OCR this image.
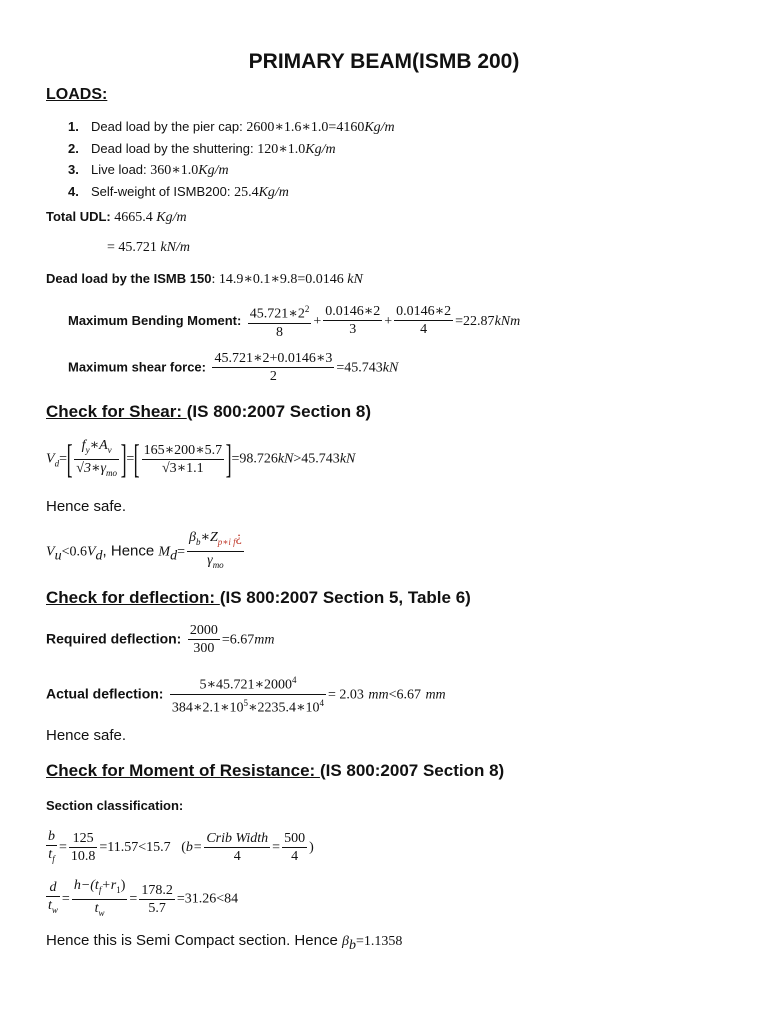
PRIMARY BEAM(ISMB 200)
LOADS:
1. Dead load by the pier cap: 2600∗1.6∗1.0=4160Kg/m
2. Dead load by the shuttering: 120∗1.0Kg/m
3. Live load: 360∗1.0Kg/m
4. Self-weight of ISMB200: 25.4Kg/m
Total UDL: 4665.4 Kg/m
= 45.721 kN/m
Dead load by the ISMB 150: 14.9∗0.1∗9.8=0.0146 kN
Maximum Bending Moment: $\frac{45.721∗2^2}{8} + \frac{0.0146∗2}{3} + \frac{0.0146∗2}{4} =22.87kNm$
Maximum shear force: $\frac{45.721∗2+0.0146∗3}{2} =45.743kN$
Check for Shear: (IS 800:2007 Section 8)
$V_d=[ \frac{f_y∗A_v}{√3∗\gamma_{mo}}$ ]=[ $\frac{165∗200∗5.7}{√3∗1.1} ]=98.726kN>45.743kN$
Hence safe.
$V_u<0.6V_d$, Hence $M_d= \frac{\beta_b∗Z_{p∗i f}¿}{\gamma_{mo}}$
Check for deflection: (IS 800:2007 Section 5, Table 6)
Required deflection: $\frac{2000}{300} =6.67mm$
Actual deflection: $\frac{5∗45.721∗2000^4}{384∗2.1∗10^5∗2235.4∗10^4} = 2.03$ mm<6.67 mm
Hence safe.
Check for Moment of Resistance: (IS 800:2007 Section 8)
Section classification:
$\frac{b}{t_f} = \frac{125}{10.8} =11.57<15.7$ ($b= \frac{\text{Crib Width}}{4} = \frac{500}{4}$ )
$\frac{d}{t_w} = \frac{h-(t_f+r_1)}{t_w} = \frac{178.2}{5.7} =31.26<84$
Hence this is Semi Compact section. Hence $\beta_b=1.1358$
